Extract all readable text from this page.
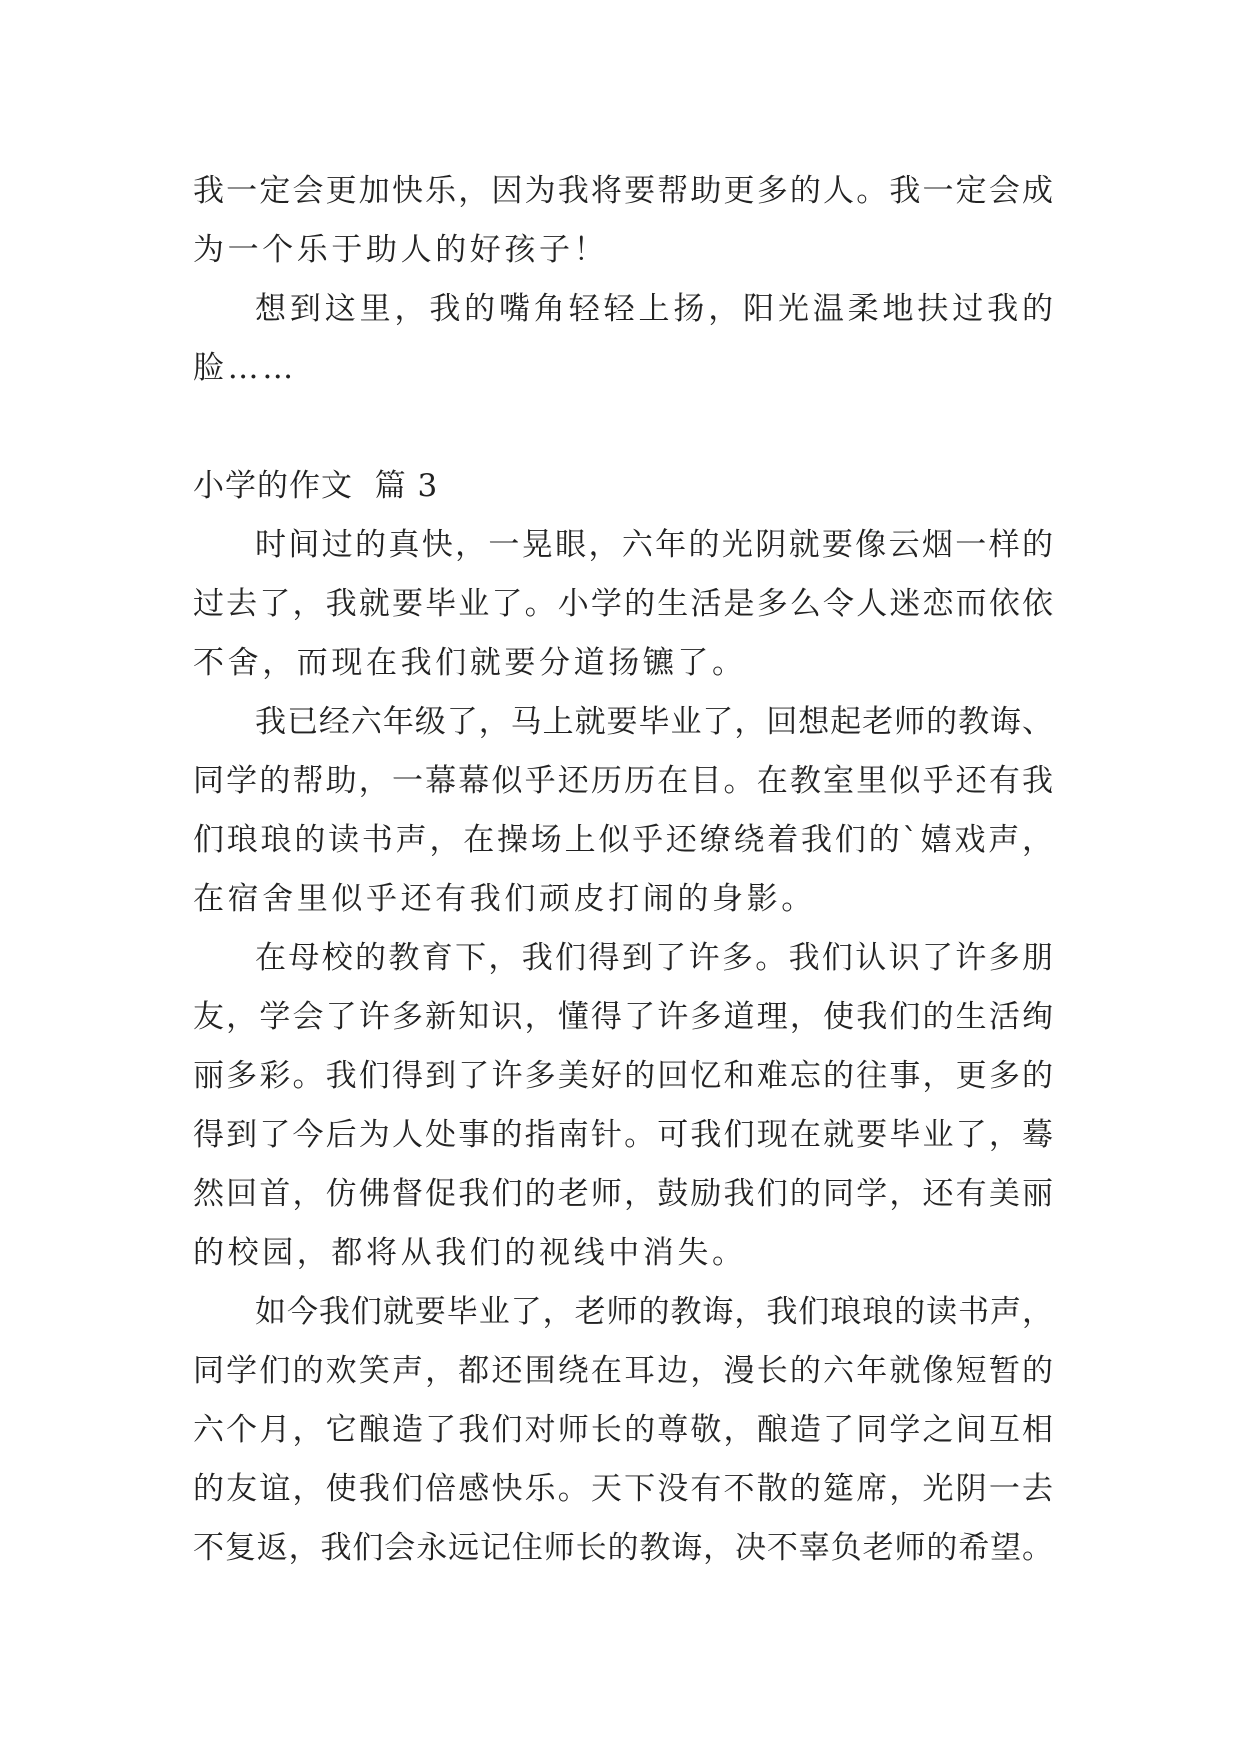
我一定会更加快乐，因为我将要帮助更多的人。我一定会成
为一个乐于助人的好孩子！
想到这里，我的嘴角轻轻上扬，阳光温柔地扶过我的
脸……
小学的作文  篇 3
时间过的真快，一晃眼，六年的光阴就要像云烟一样的
过去了，我就要毕业了。小学的生活是多么令人迷恋而依依
不舍，而现在我们就要分道扬镳了。
我已经六年级了，马上就要毕业了，回想起老师的教诲、
同学的帮助，一幕幕似乎还历历在目。在教室里似乎还有我
们琅琅的读书声，在操场上似乎还缭绕着我们的`嬉戏声，
在宿舍里似乎还有我们顽皮打闹的身影。
在母校的教育下，我们得到了许多。我们认识了许多朋
友，学会了许多新知识，懂得了许多道理，使我们的生活绚
丽多彩。我们得到了许多美好的回忆和难忘的往事，更多的
得到了今后为人处事的指南针。可我们现在就要毕业了，蓦
然回首，仿佛督促我们的老师，鼓励我们的同学，还有美丽
的校园，都将从我们的视线中消失。
如今我们就要毕业了，老师的教诲，我们琅琅的读书声，
同学们的欢笑声，都还围绕在耳边，漫长的六年就像短暂的
六个月，它酿造了我们对师长的尊敬，酿造了同学之间互相
的友谊，使我们倍感快乐。天下没有不散的筵席，光阴一去
不复返，我们会永远记住师长的教诲，决不辜负老师的希望。
